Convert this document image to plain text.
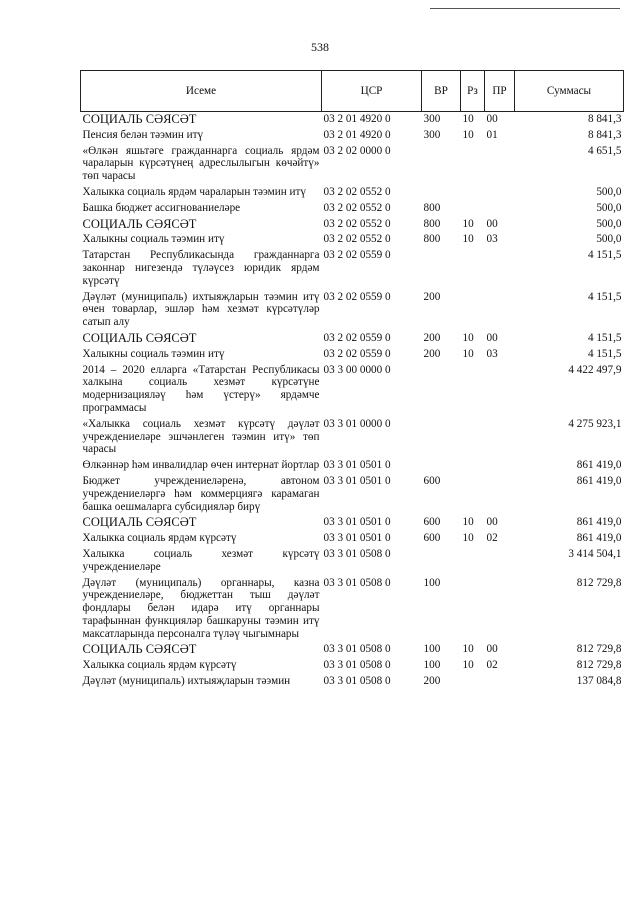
538
Исеме	ЦСР	ВР	Рз	ПР	Суммасы
СОЦИАЛЬ СӘЯСӘТ	03 2 01 4920 0	300	10	00	8 841,3
Пенсия белән тәэмин итү	03 2 01 4920 0	300	10	01	8 841,3
«Өлкән яшьтәге гражданнарга социаль ярдәм чараларын күрсәтүнең адреслылыгын көчәйтү» төп чарасы	03 2 02 0000 0				4 651,5
Халыкка социаль ярдәм чараларын тәэмин итү	03 2 02 0552 0				500,0
Башка бюджет ассигнованиеләре	03 2 02 0552 0	800			500,0
СОЦИАЛЬ СӘЯСӘТ	03 2 02 0552 0	800	10	00	500,0
Халыкны социаль тәэмин итү	03 2 02 0552 0	800	10	03	500,0
Татарстан Республикасында гражданнарга законнар нигезендә түләүсез юридик ярдәм күрсәтү	03 2 02 0559 0				4 151,5
Дәүләт (муниципаль) ихтыяҗларын тәэмин итү өчен товарлар, эшләр һәм хезмәт күрсәтүләр сатып алу	03 2 02 0559 0	200			4 151,5
СОЦИАЛЬ СӘЯСӘТ	03 2 02 0559 0	200	10	00	4 151,5
Халыкны социаль тәэмин итү	03 2 02 0559 0	200	10	03	4 151,5
2014 – 2020 елларга «Татарстан Республикасы халкына социаль хезмәт күрсәтүне модернизацияләү һәм үстерү» ярдәмче программасы	03 3 00 0000 0				4 422 497,9
«Халыкка социаль хезмәт күрсәтү дәүләт учреждениеләре эшчәнлеген тәэмин итү» төп чарасы	03 3 01 0000 0				4 275 923,1
Өлкәннәр һәм инвалидлар өчен интернат йортлар	03 3 01 0501 0				861 419,0
Бюджет учреждениеләренә, автоном учреждениеләргә һәм коммерциягә карамаган башка оешмаларга субсидияләр бирү	03 3 01 0501 0	600			861 419,0
СОЦИАЛЬ СӘЯСӘТ	03 3 01 0501 0	600	10	00	861 419,0
Халыкка социаль ярдәм күрсәтү	03 3 01 0501 0	600	10	02	861 419,0
Халыкка социаль хезмәт күрсәтү учреждениеләре	03 3 01 0508 0				3 414 504,1
Дәүләт (муниципаль) органнары, казна учреждениеләре, бюджеттан тыш дәүләт фондлары белән идарә итү органнары тарафыннан функцияләр башкаруны тәэмин итү максатларында персоналга түләү чыгымнары	03 3 01 0508 0	100			812 729,8
СОЦИАЛЬ СӘЯСӘТ	03 3 01 0508 0	100	10	00	812 729,8
Халыкка социаль ярдәм күрсәтү	03 3 01 0508 0	100	10	02	812 729,8
Дәүләт (муниципаль) ихтыяҗларын тәэмин	03 3 01 0508 0	200			137 084,8
